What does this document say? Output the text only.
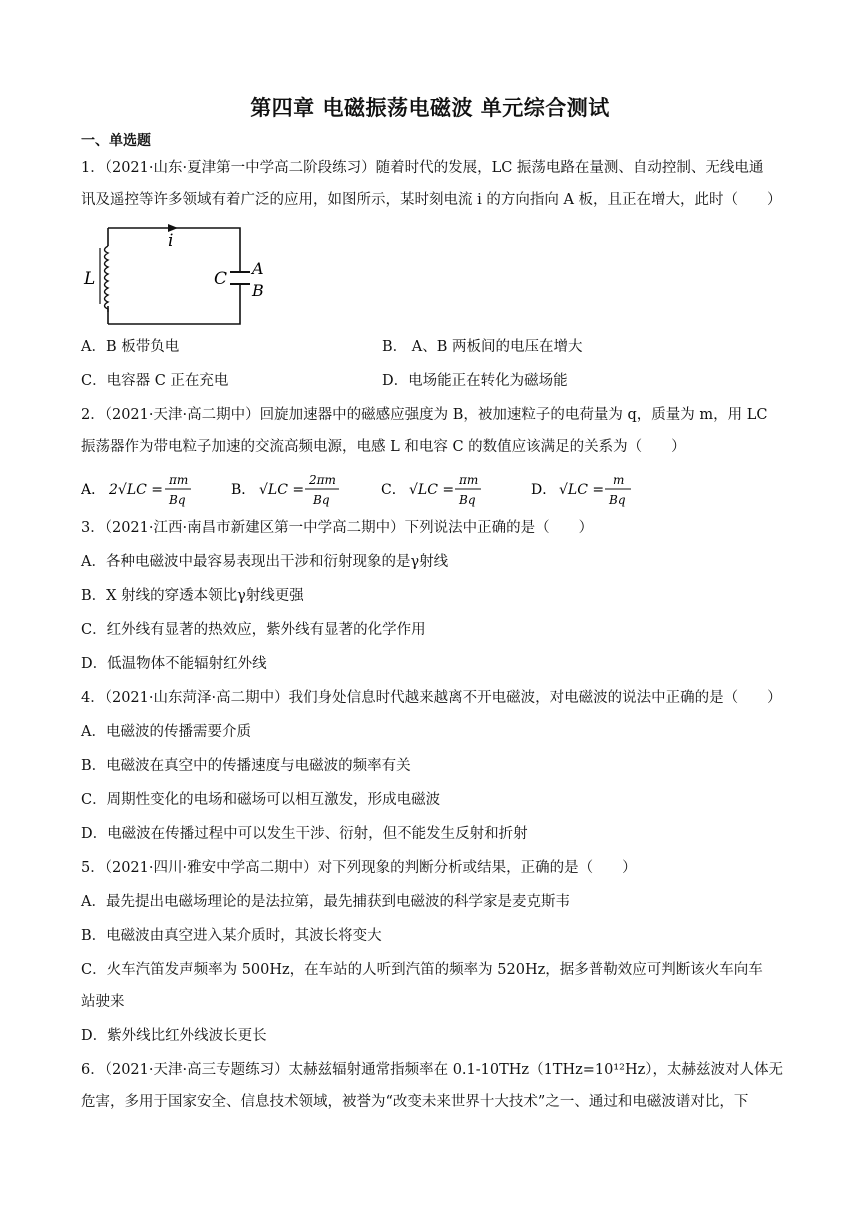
第四章 电磁振荡电磁波 单元综合测试
一、单选题
1．（2021·山东·夏津第一中学高二阶段练习）随着时代的发展，LC 振荡电路在量测、自动控制、无线电通
讯及遥控等许多领域有着广泛的应用，如图所示，某时刻电流 i 的方向指向 A 板，且正在增大，此时（　　）
i
L	C
A
B
A．B 板带负电	B． A、B 两板间的电压在增大
C．电容器 C 正在充电	D．电场能正在转化为磁场能
2．（2021·天津·高二期中）回旋加速器中的磁感应强度为 B，被加速粒子的电荷量为 q，质量为 m，用 LC
振荡器作为带电粒子加速的交流高频电源，电感 L 和电容 C 的数值应该满足的关系为（　　）
A． 2√LC =
πm
Bq
B． √LC =
2πm
Bq
C． √LC =
πm
Bq
D． √LC =
m
Bq
3．（2021·江西·南昌市新建区第一中学高二期中）下列说法中正确的是（　　）
A．各种电磁波中最容易表现出干涉和衍射现象的是γ射线
B．X 射线的穿透本领比γ射线更强
C．红外线有显著的热效应，紫外线有显著的化学作用
D．低温物体不能辐射红外线
4．（2021·山东菏泽·高二期中）我们身处信息时代越来越离不开电磁波，对电磁波的说法中正确的是（　　）
A．电磁波的传播需要介质
B．电磁波在真空中的传播速度与电磁波的频率有关
C．周期性变化的电场和磁场可以相互激发，形成电磁波
D．电磁波在传播过程中可以发生干涉、衍射，但不能发生反射和折射
5．（2021·四川·雅安中学高二期中）对下列现象的判断分析或结果，正确的是（　　）
A．最先提出电磁场理论的是法拉第，最先捕获到电磁波的科学家是麦克斯韦
B．电磁波由真空进入某介质时，其波长将变大
C．火车汽笛发声频率为 500Hz，在车站的人听到汽笛的频率为 520Hz，据多普勒效应可判断该火车向车
站驶来
D．紫外线比红外线波长更长
6．（2021·天津·高三专题练习）太赫兹辐射通常指频率在 0.1-10THz（1THz=10¹²Hz），太赫兹波对人体无
危害，多用于国家安全、信息技术领域，被誉为“改变未来世界十大技术”之一、通过和电磁波谱对比，下
